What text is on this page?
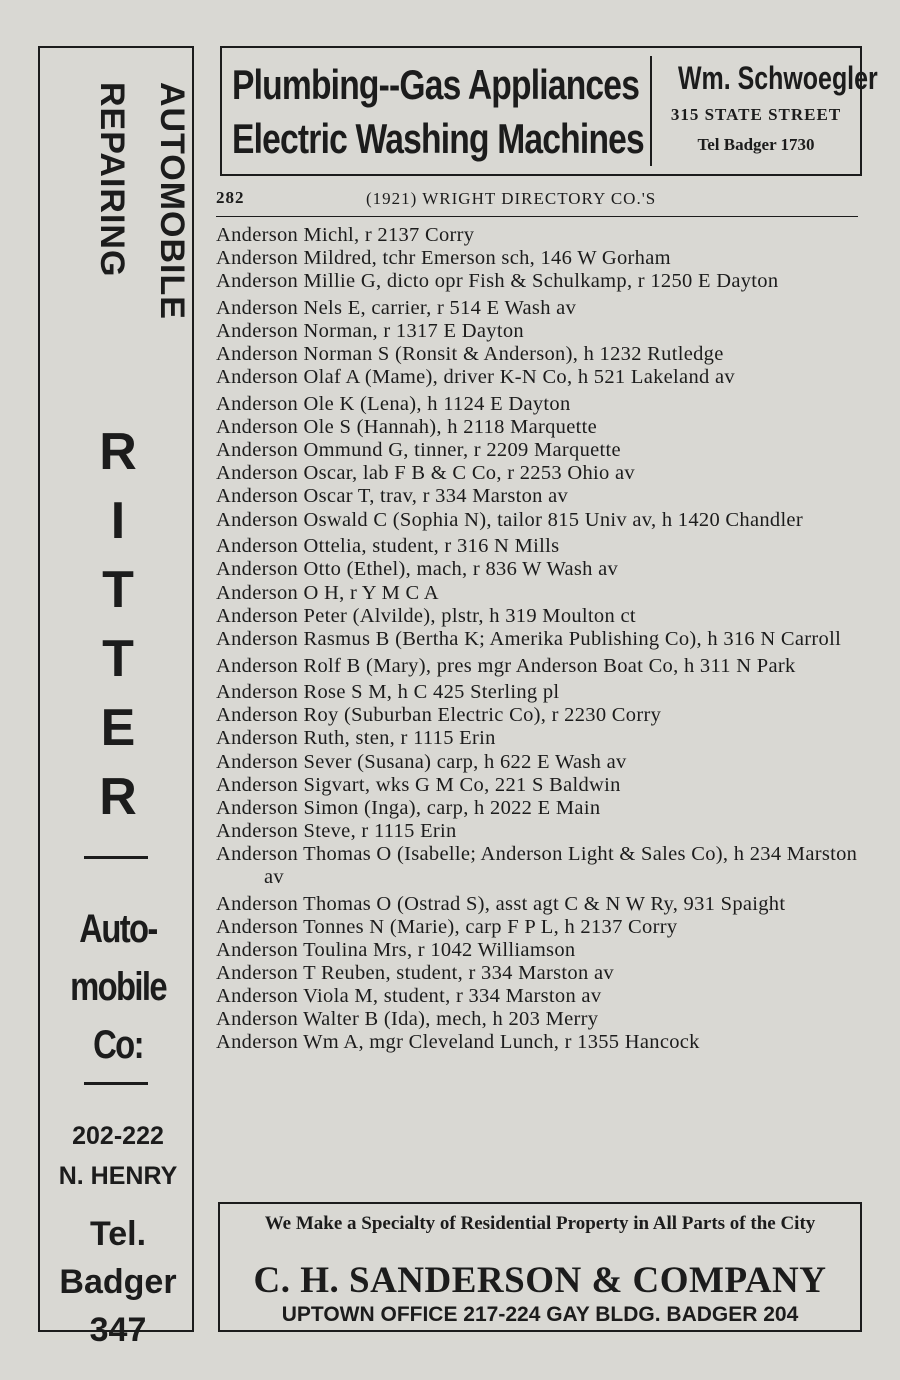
AUTOMOBILE
REPAIRING
R
I
T
T
E
R
Auto-
mobile
Co:
202-222
N. HENRY
Tel.
Badger
347
Plumbing--Gas Appliances
Electric Washing Machines
Wm. Schwoegler
315 STATE STREET
Tel Badger 1730
282	(1921) WRIGHT DIRECTORY CO.'S
Anderson Michl, r 2137 Corry
Anderson Mildred, tchr Emerson sch, 146 W Gorham
Anderson Millie G, dicto opr Fish & Schulkamp, r 1250 E Dayton
Anderson Nels E, carrier, r 514 E Wash av
Anderson Norman, r 1317 E Dayton
Anderson Norman S (Ronsit & Anderson), h 1232 Rutledge
Anderson Olaf A (Mame), driver K-N Co, h 521 Lakeland av
Anderson Ole K (Lena), h 1124 E Dayton
Anderson Ole S (Hannah), h 2118 Marquette
Anderson Ommund G, tinner, r 2209 Marquette
Anderson Oscar, lab F B & C Co, r 2253 Ohio av
Anderson Oscar T, trav, r 334 Marston av
Anderson Oswald C (Sophia N), tailor 815 Univ av, h 1420 Chandler
Anderson Ottelia, student, r 316 N Mills
Anderson Otto (Ethel), mach, r 836 W Wash av
Anderson O H, r Y M C A
Anderson Peter (Alvilde), plstr, h 319 Moulton ct
Anderson Rasmus B (Bertha K; Amerika Publishing Co), h 316 N Carroll
Anderson Rolf B (Mary), pres mgr Anderson Boat Co, h 311 N Park
Anderson Rose S M, h C 425 Sterling pl
Anderson Roy (Suburban Electric Co), r 2230 Corry
Anderson Ruth, sten, r 1115 Erin
Anderson Sever (Susana) carp, h 622 E Wash av
Anderson Sigvart, wks G M Co, 221 S Baldwin
Anderson Simon (Inga), carp, h 2022 E Main
Anderson Steve, r 1115 Erin
Anderson Thomas O (Isabelle; Anderson Light & Sales Co), h 234 Marston av
Anderson Thomas O (Ostrad S), asst agt C & N W Ry, 931 Spaight
Anderson Tonnes N (Marie), carp F P L, h 2137 Corry
Anderson Toulina Mrs, r 1042 Williamson
Anderson T Reuben, student, r 334 Marston av
Anderson Viola M, student, r 334 Marston av
Anderson Walter B (Ida), mech, h 203 Merry
Anderson Wm A, mgr Cleveland Lunch, r 1355 Hancock
We Make a Specialty of Residential Property in All Parts of the City
C. H. SANDERSON & COMPANY
UPTOWN OFFICE 217-224 GAY BLDG. BADGER 204
